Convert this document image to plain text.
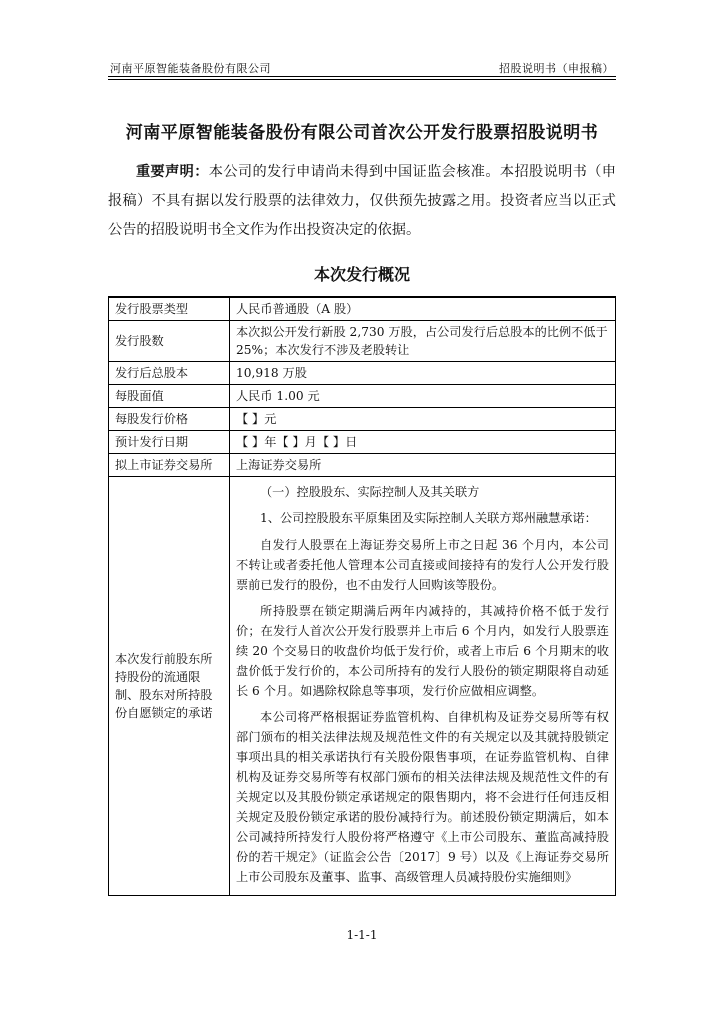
河南平原智能装备股份有限公司	招股说明书（申报稿）
河南平原智能装备股份有限公司首次公开发行股票招股说明书
重要声明：本公司的发行申请尚未得到中国证监会核准。本招股说明书（申报稿）不具有据以发行股票的法律效力，仅供预先披露之用。投资者应当以正式公告的招股说明书全文作为作出投资决定的依据。
本次发行概况
发行股票类型	人民币普通股（A 股）
发行股数	本次拟公开发行新股 2,730 万股，占公司发行后总股本的比例不低于 25%；本次发行不涉及老股转让
发行后总股本	10,918 万股
每股面值	人民币 1.00 元
每股发行价格	【 】元
预计发行日期	【 】年【 】月【 】日
拟上市证券交易所	上海证券交易所
本次发行前股东所持股份的流通限制、股东对所持股份自愿锁定的承诺	（一）控股股东、实际控制人及其关联方

1、公司控股股东平原集团及实际控制人关联方郑州融慧承诺：

自发行人股票在上海证券交易所上市之日起 36 个月内，本公司不转让或者委托他人管理本公司直接或间接持有的发行人公开发行股票前已发行的股份，也不由发行人回购该等股份。

所持股票在锁定期满后两年内减持的，其减持价格不低于发行价；在发行人首次公开发行股票并上市后 6 个月内，如发行人股票连续 20 个交易日的收盘价均低于发行价，或者上市后 6 个月期末的收盘价低于发行价的，本公司所持有的发行人股份的锁定期限将自动延长 6 个月。如遇除权除息等事项，发行价应做相应调整。

本公司将严格根据证券监管机构、自律机构及证券交易所等有权部门颁布的相关法律法规及规范性文件的有关规定以及其就持股锁定事项出具的相关承诺执行有关股份限售事项，在证券监管机构、自律机构及证券交易所等有权部门颁布的相关法律法规及规范性文件的有关规定以及其股份锁定承诺规定的限售期内，将不会进行任何违反相关规定及股份锁定承诺的股份减持行为。前述股份锁定期满后，如本公司减持所持发行人股份将严格遵守《上市公司股东、董监高减持股份的若干规定》（证监会公告〔2017〕9 号）以及《上海证券交易所上市公司股东及董事、监事、高级管理人员减持股份实施细则》

1-1-1
